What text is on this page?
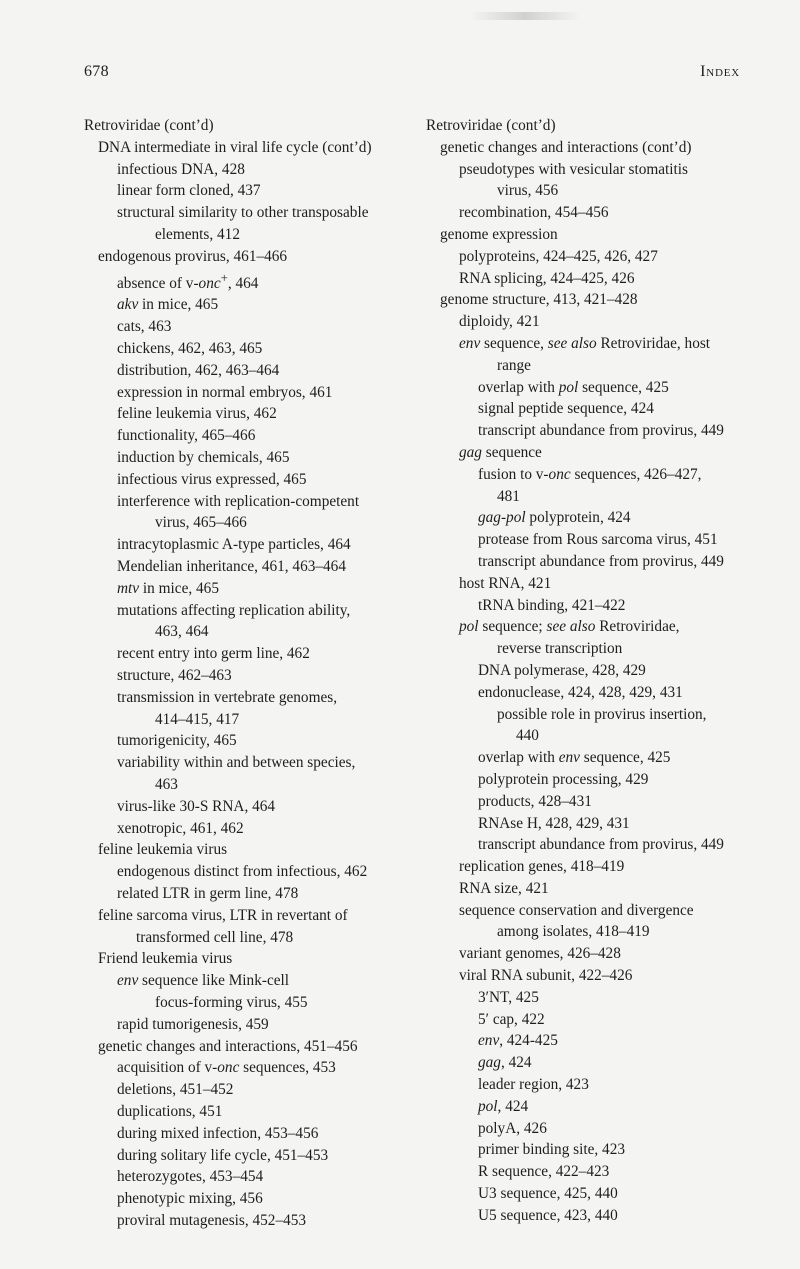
678	Index
Retroviridae (cont’d)
DNA intermediate in viral life cycle (cont’d)
infectious DNA, 428
linear form cloned, 437
structural similarity to other transposable
elements, 412
endogenous provirus, 461–466
absence of v-onc+, 464
akv in mice, 465
cats, 463
chickens, 462, 463, 465
distribution, 462, 463–464
expression in normal embryos, 461
feline leukemia virus, 462
functionality, 465–466
induction by chemicals, 465
infectious virus expressed, 465
interference with replication-competent
virus, 465–466
intracytoplasmic A-type particles, 464
Mendelian inheritance, 461, 463–464
mtv in mice, 465
mutations affecting replication ability,
463, 464
recent entry into germ line, 462
structure, 462–463
transmission in vertebrate genomes,
414–415, 417
tumorigenicity, 465
variability within and between species,
463
virus-like 30-S RNA, 464
xenotropic, 461, 462
feline leukemia virus
endogenous distinct from infectious, 462
related LTR in germ line, 478
feline sarcoma virus, LTR in revertant of
transformed cell line, 478
Friend leukemia virus
env sequence like Mink-cell
focus-forming virus, 455
rapid tumorigenesis, 459
genetic changes and interactions, 451–456
acquisition of v-onc sequences, 453
deletions, 451–452
duplications, 451
during mixed infection, 453–456
during solitary life cycle, 451–453
heterozygotes, 453–454
phenotypic mixing, 456
proviral mutagenesis, 452–453
Retroviridae (cont’d)
genetic changes and interactions (cont’d)
pseudotypes with vesicular stomatitis
virus, 456
recombination, 454–456
genome expression
polyproteins, 424–425, 426, 427
RNA splicing, 424–425, 426
genome structure, 413, 421–428
diploidy, 421
env sequence, see also Retroviridae, host
range
overlap with pol sequence, 425
signal peptide sequence, 424
transcript abundance from provirus, 449
gag sequence
fusion to v-onc sequences, 426–427,
481
gag-pol polyprotein, 424
protease from Rous sarcoma virus, 451
transcript abundance from provirus, 449
host RNA, 421
tRNA binding, 421–422
pol sequence; see also Retroviridae,
reverse transcription
DNA polymerase, 428, 429
endonuclease, 424, 428, 429, 431
possible role in provirus insertion,
440
overlap with env sequence, 425
polyprotein processing, 429
products, 428–431
RNAse H, 428, 429, 431
transcript abundance from provirus, 449
replication genes, 418–419
RNA size, 421
sequence conservation and divergence
among isolates, 418–419
variant genomes, 426–428
viral RNA subunit, 422–426
3′NT, 425
5′ cap, 422
env, 424-425
gag, 424
leader region, 423
pol, 424
polyA, 426
primer binding site, 423
R sequence, 422–423
U3 sequence, 425, 440
U5 sequence, 423, 440
